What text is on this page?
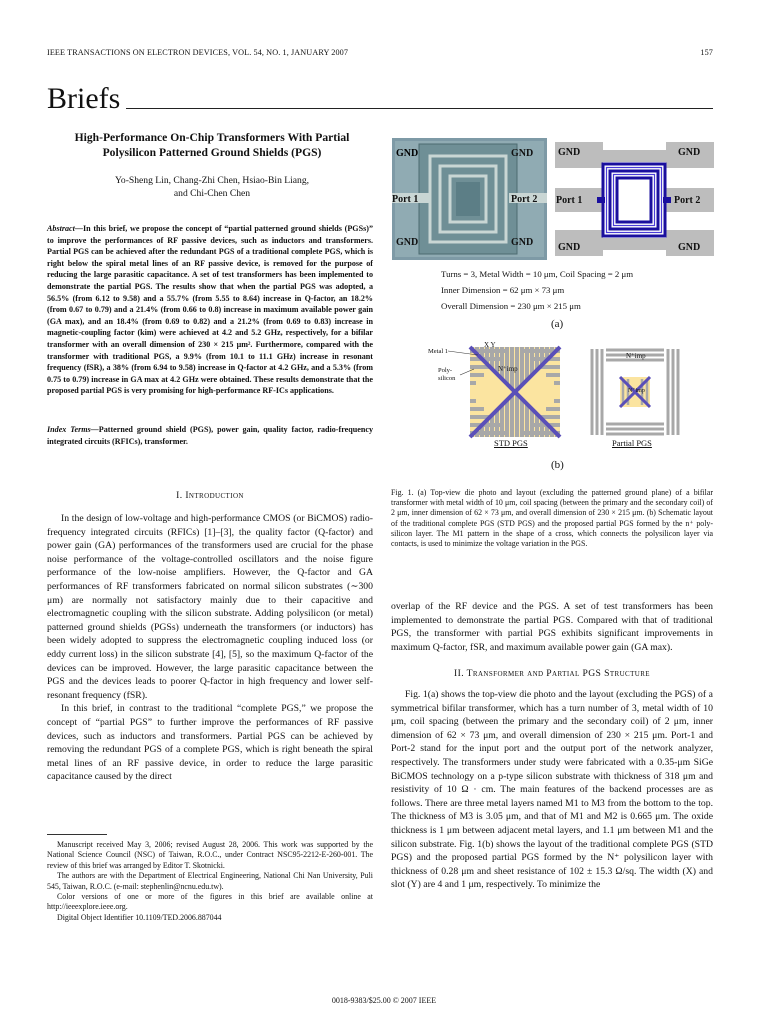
IEEE TRANSACTIONS ON ELECTRON DEVICES, VOL. 54, NO. 1, JANUARY 2007	157
Briefs
High-Performance On-Chip Transformers With Partial
Polysilicon Patterned Ground Shields (PGS)
Yo-Sheng Lin, Chang-Zhi Chen, Hsiao-Bin Liang,
and Chi-Chen Chen
Abstract—In this brief, we propose the concept of “partial patterned ground shields (PGSs)” to improve the performances of RF passive devices, such as inductors and transformers. Partial PGS can be achieved after the redundant PGS of a traditional complete PGS, which is right below the spiral metal lines of an RF passive device, is removed for the purpose of reducing the large parasitic capacitance. A set of test transformers has been implemented to demonstrate the partial PGS. The results show that when the partial PGS was adopted, a 56.5% (from 6.12 to 9.58) and a 55.7% (from 5.55 to 8.64) increase in Q-factor, an 18.2% (from 0.67 to 0.79) and a 21.4% (from 0.66 to 0.8) increase in maximum available power gain (GA max), and an 18.4% (from 0.69 to 0.82) and a 21.2% (from 0.69 to 0.83) increase in magnetic-coupling factor (kim) were achieved at 4.2 and 5.2 GHz, respectively, for a bifilar transformer with an overall dimension of 230 × 215 μm². Furthermore, compared with the transformer with traditional PGS, a 9.9% (from 10.1 to 11.1 GHz) increase in resonant frequency (fSR), a 38% (from 6.94 to 9.58) increase in Q-factor at 4.2 GHz, and a 5.3% (from 0.75 to 0.79) increase in GA max at 4.2 GHz were obtained. These results demonstrate that the proposed partial PGS is very promising for high-performance RF-ICs applications.
Index Terms—Patterned ground shield (PGS), power gain, quality factor, radio-frequency integrated circuits (RFICs), transformer.
I. Introduction

In the design of low-voltage and high-performance CMOS (or BiCMOS) radio-frequency integrated circuits (RFICs) [1]–[3], the quality factor (Q-factor) and power gain (GA) performances of the transformers used are crucial for the phase noise performance of the voltage-controlled oscillators and the noise figure performance of the low-noise amplifiers. However, the Q-factor and GA performances of RF transformers fabricated on normal silicon substrates (∼300 μm) are normally not satisfactory mainly due to their capacitive and electromagnetic coupling with the silicon substrate. Adding polysilicon (or metal) patterned ground shields (PGSs) underneath the transformers (or inductors) has been widely adopted to suppress the electromagnetic coupling induced loss (or eddy current loss) in the silicon substrate [4], [5], so the maximum Q-factor of the devices can be improved. However, the large parasitic capacitance between the PGS and the devices leads to poorer Q-factor in high frequency and lower self-resonant frequency (fSR).

In this brief, in contrast to the traditional “complete PGS,” we propose the concept of “partial PGS” to further improve the performances of RF passive devices, such as inductors and transformers. Partial PGS can be achieved by removing the redundant PGS of a complete PGS, which is right beneath the spiral metal lines of an RF passive device, in order to reduce the large parasitic capacitance caused by the direct

Manuscript received May 3, 2006; revised August 28, 2006. This work was supported by the National Science Council (NSC) of Taiwan, R.O.C., under Contract NSC95-2212-E-260-001. The review of this brief was arranged by Editor T. Skotnicki.

The authors are with the Department of Electrical Engineering, National Chi Nan University, Puli 545, Taiwan, R.O.C. (e-mail: stephenlin@ncnu.edu.tw).

Color versions of one or more of the figures in this brief are available online at http://ieeexplore.ieee.org.

Digital Object Identifier 10.1109/TED.2006.887044

GND	GND
GND	GND
Port 1	Port 2
GND	GND
GND	GND
Port 1	Port 2
Turns = 3, Metal Width = 10 μm, Coil Spacing = 2 μm
Inner Dimension = 62 μm × 73 μm
Overall Dimension = 230 μm × 215 μm
(a)
Metal 1
Poly-
silicon
X Y
N⁺imp
N⁺imp
N⁺imp
STD PGS	Partial PGS
(b)
Fig. 1. (a) Top-view die photo and layout (excluding the patterned ground plane) of a bifilar transformer with metal width of 10 μm, coil spacing (between the primary and the secondary coil) of 2 μm, inner dimension of 62 × 73 μm, and overall dimension of 230 × 215 μm. (b) Schematic layout of the traditional complete PGS (STD PGS) and the proposed partial PGS formed by the n⁺ poly-silicon layer. The M1 pattern in the shape of a cross, which connects the polysilicon layer via contacts, is used to minimize the voltage variation in the PGS.

overlap of the RF device and the PGS. A set of test transformers has been implemented to demonstrate the partial PGS. Compared with that of traditional PGS, the transformer with partial PGS exhibits significant improvements in maximum Q-factor, fSR, and maximum available power gain (GA max).

II. Transformer and Partial PGS Structure

Fig. 1(a) shows the top-view die photo and the layout (excluding the PGS) of a symmetrical bifilar transformer, which has a turn number of 3, metal width of 10 μm, coil spacing (between the primary and the secondary coil) of 2 μm, inner dimension of 62 × 73 μm, and overall dimension of 230 × 215 μm. Port-1 and Port-2 stand for the input port and the output port of the network analyzer, respectively. The transformers under study were fabricated with a 0.35-μm SiGe BiCMOS technology on a p-type silicon substrate with thickness of 318 μm and resistivity of 10 Ω · cm. The main features of the backend processes are as follows. There are three metal layers named M1 to M3 from the bottom to the top. The thickness of M3 is 3.05 μm, and that of M1 and M2 is 0.665 μm. The oxide thickness is 1 μm between adjacent metal layers, and 1.1 μm between M1 and the silicon substrate. Fig. 1(b) shows the layout of the traditional complete PGS (STD PGS) and the proposed partial PGS formed by the N⁺ polysilicon layer with thickness of 0.28 μm and sheet resistance of 102 ± 15.3 Ω/sq. The width (X) and slot (Y) are 4 and 1 μm, respectively. To minimize the

0018-9383/$25.00 © 2007 IEEE
